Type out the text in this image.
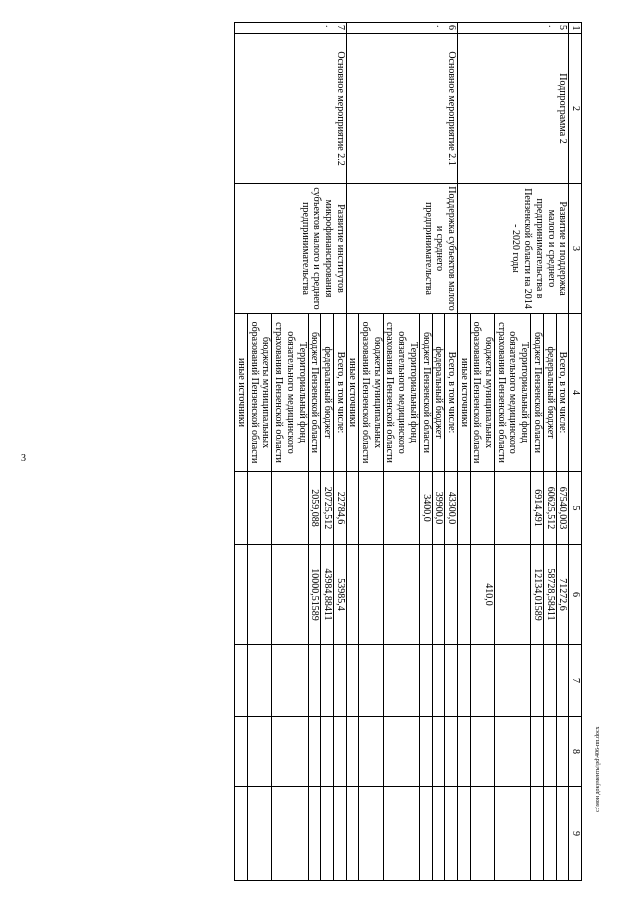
3
c:\мои документы\pd\406-пп.docx
1	2	3	4	5	6	7	8	9
5.	Подпрограмма 2	Развитие и поддержка малого и среднего предпринимательства в Пензенской области на 2014 - 2020 годы	Всего, в том числе:	67540,003	71272,6			
			федеральный бюджет	60625,512	58728,58411			
			бюджет Пензенской области	6914,491	12134,01589			
			Территориальный фонд обязательного медицинского страхования Пензенской области					
			бюджеты муниципальных образований Пензенской области		410,0			
			иные источники					
6.	Основное мероприятие 2.1	Поддержка субъектов малого и среднего предпринимательства	Всего, в том числе:	43300,0				
			федеральный бюджет	39900,0				
			бюджет Пензенской области	3400,0				
			Территориальный фонд обязательного медицинского страхования Пензенской области					
			бюджеты муниципальных образований Пензенской области					
			иные источники					
7.	Основное мероприятие 2.2	Развитие институтов микрофинансирования субъектов малого и среднего предпринимательства	Всего, в том числе:	22784,6	53985,4			
			федеральный бюджет	20725,512	43984,88411			
			бюджет Пензенской области	2059,088	10000,51589			
			Территориальный фонд обязательного медицинского страхования Пензенской области					
			бюджеты муниципальных образований Пензенской области					
			иные источники					
